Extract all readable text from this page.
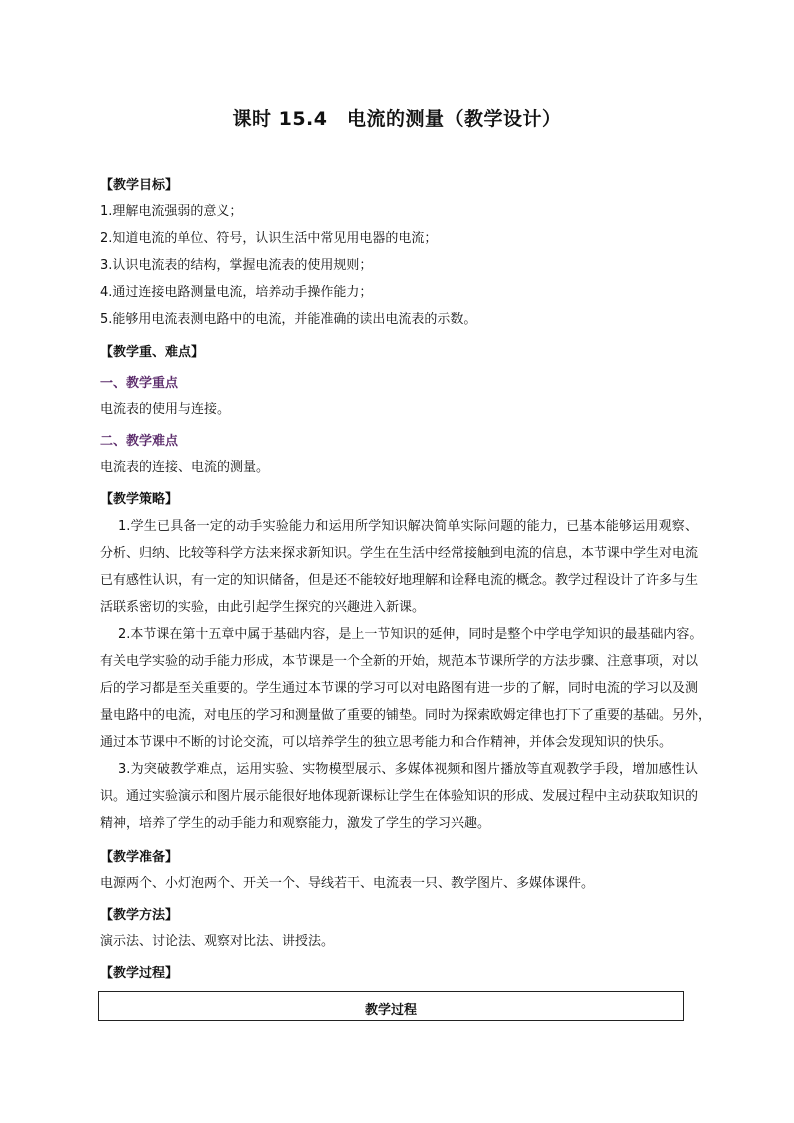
课时 15.4　电流的测量（教学设计）
【教学目标】
1.理解电流强弱的意义；
2.知道电流的单位、符号，认识生活中常见用电器的电流；
3.认识电流表的结构，掌握电流表的使用规则；
4.通过连接电路测量电流，培养动手操作能力；
5.能够用电流表测电路中的电流，并能准确的读出电流表的示数。
【教学重、难点】
一、教学重点
电流表的使用与连接。
二、教学难点
电流表的连接、电流的测量。
【教学策略】
1.学生已具备一定的动手实验能力和运用所学知识解决简单实际问题的能力，已基本能够运用观察、
分析、归纳、比较等科学方法来探求新知识。学生在生活中经常接触到电流的信息，本节课中学生对电流
已有感性认识，有一定的知识储备，但是还不能较好地理解和诠释电流的概念。教学过程设计了许多与生
活联系密切的实验，由此引起学生探究的兴趣进入新课。
2.本节课在第十五章中属于基础内容，是上一节知识的延伸，同时是整个中学电学知识的最基础内容。
有关电学实验的动手能力形成，本节课是一个全新的开始，规范本节课所学的方法步骤、注意事项，对以
后的学习都是至关重要的。学生通过本节课的学习可以对电路图有进一步的了解，同时电流的学习以及测
量电路中的电流，对电压的学习和测量做了重要的铺垫。同时为探索欧姆定律也打下了重要的基础。另外，
通过本节课中不断的讨论交流，可以培养学生的独立思考能力和合作精神，并体会发现知识的快乐。
3.为突破教学难点，运用实验、实物模型展示、多媒体视频和图片播放等直观教学手段，增加感性认
识。通过实验演示和图片展示能很好地体现新课标让学生在体验知识的形成、发展过程中主动获取知识的
精神，培养了学生的动手能力和观察能力，激发了学生的学习兴趣。
【教学准备】
电源两个、小灯泡两个、开关一个、导线若干、电流表一只、教学图片、多媒体课件。
【教学方法】
演示法、讨论法、观察对比法、讲授法。
【教学过程】
教学过程
